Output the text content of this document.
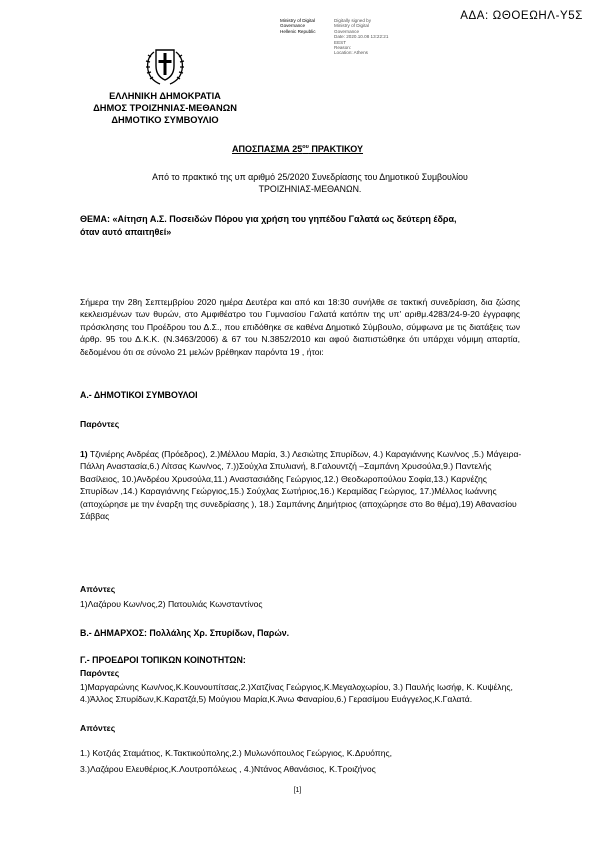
ΑΔΑ: ΩΘΟΕΩΗΛ-Υ5Σ
Ministry of Digital
Governance
Hellenic Republic
Digitally signed by
Ministry of Digital
Governance
Date: 2020.10.08 13:22:21
EEST
Reason:
Location: Athens
ΕΛΛΗΝΙΚΗ ΔΗΜΟΚΡΑΤΙΑ
ΔΗΜΟΣ ΤΡΟΙΖΗΝΙΑΣ-ΜΕΘΑΝΩΝ
ΔΗΜΟΤΙΚΟ ΣΥΜΒΟΥΛΙΟ
ΑΠΟΣΠΑΣΜΑ $25^{o\upsilon}$ ΠΡΑΚΤΙΚΟΥ
Από το πρακτικό της υπ αριθμό 25/2020 Συνεδρίασης του Δημοτικού Συμβουλίου
ΤΡΟΙΖΗΝΙΑΣ-ΜΕΘΑΝΩΝ.
ΘΕΜΑ: «Αίτηση Α.Σ. Ποσειδών Πόρου για χρήση του γηπέδου Γαλατά ως δεύτερη έδρα,
όταν αυτό απαιτηθεί»
Σήμερα την 28η Σεπτεμβρίου 2020 ημέρα Δευτέρα και από και 18:30 συνήλθε σε τακτική συνεδρίαση, δια ζώσης κεκλεισμένων των θυρών, στο Αμφιθέατρο του Γυμνασίου Γαλατά κατόπιν της υπ' αριθμ.4283/24-9-20 έγγραφης πρόσκλησης του Προέδρου του Δ.Σ., που επιδόθηκε σε καθένα Δημοτικό Σύμβουλο, σύμφωνα με τις διατάξεις των άρθρ. 95 του Δ.Κ.Κ. (Ν.3463/2006) & 67 του Ν.3852/2010 και αφού διαπιστώθηκε ότι υπάρχει νόμιμη απαρτία, δεδομένου ότι σε σύνολο 21 μελών βρέθηκαν παρόντα 19 , ήτοι:
Α.- ΔΗΜΟΤΙΚΟΙ ΣΥΜΒΟΥΛΟΙ
Παρόντες
1) Τζινιέρης Ανδρέας (Πρόεδρος), 2.)Μέλλου Μαρία, 3.) Λεσιώτης Σπυρίδων, 4.) Καραγιάννης Κων/νος ,5.) Μάγειρα- Πάλλη Αναστασία,6.) Λίτσας Κων/νος, 7.))Σούχλα Σπυλιανή, 8.Γαλουντζή –Σαμπάνη Χρυσούλα,9.) Παντελής Βασίλειος, 10.)Ανδρέου Χρυσούλα,11.) Αναστασιάδης Γεώργιος,12.) Θεοδωροπούλου Σοφία,13.) Καρνέζης Σπυρίδων ,14.) Καραγιάννης Γεώργιος,15.) Σούχλας Σωτήριος,16.) Κεραμίδας Γεώργιος, 17.)Μέλλος Ιωάννης (αποχώρησε με την έναρξη της συνεδρίασης ), 18.) Σαμπάνης Δημήτριος (αποχώρησε στο 8ο θέμα),19) Αθανασίου Σάββας
Απόντες
1)Λαζάρου Κων/νος,2) Πατουλιάς Κωνσταντίνος
Β.- ΔΗΜΑΡΧΟΣ: Πολλάλης Χρ. Σπυρίδων, Παρών.
Γ.- ΠΡΟΕΔΡΟΙ ΤΟΠΙΚΩΝ ΚΟΙΝΟΤΗΤΩΝ:
Παρόντες
1)Μαργαρώνης Κων/νος,Κ.Κουνουπίτσας,2.)Χατζίνας Γεώργιος,Κ.Μεγαλοχωρίου, 3.) Παυλής Ιωσήφ, Κ. Κυψέλης, 4.)Άλλος Σπυρίδων,Κ.Καρατζά,5) Μούγιου Μαρία,Κ.Άνω Φαναρίου,6.) Γερασίμου Ευάγγελος,Κ.Γαλατά.
Απόντες
1.) Κοτζιάς Σταμάτιος, Κ.Τακτικούπολης,2.) Μυλωνόπουλος Γεώργιος, Κ.Δρυόπης,
3.)Λαζάρου Ελευθέριος,Κ.Λουτροπόλεως , 4.)Ντάνος Αθανάσιος, Κ.Τροιζήνος
[1]
